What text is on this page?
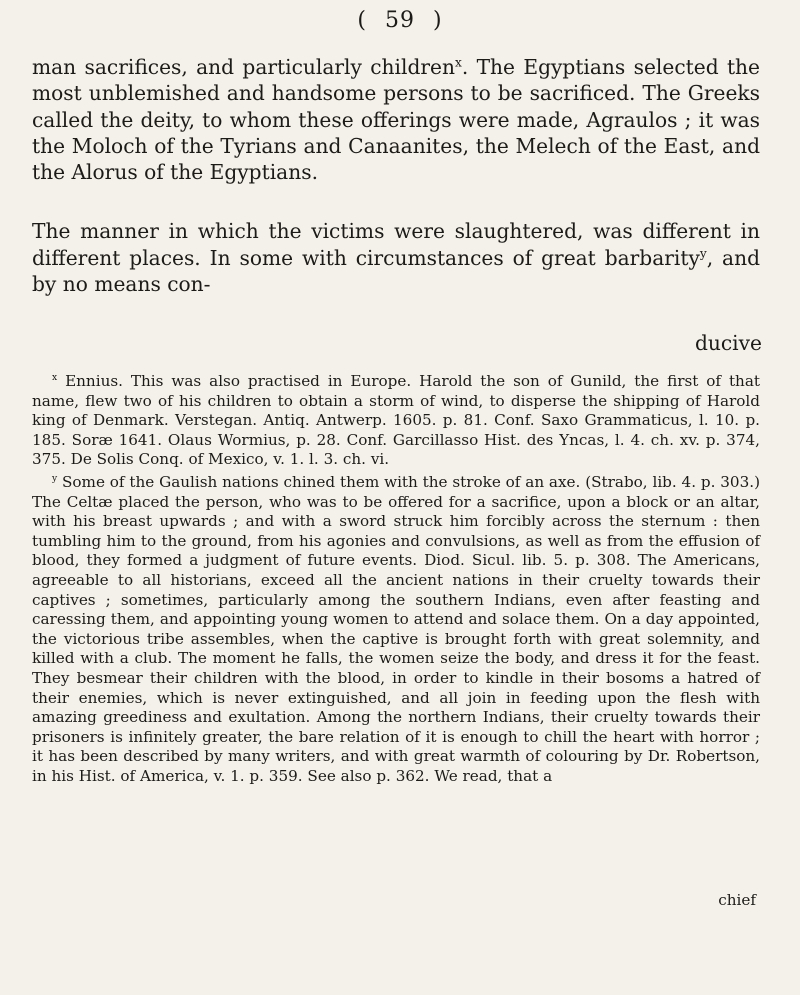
( 59 )

man sacrifices, and particularly children$^x$. The Egyptians selected the most unblemished and handsome persons to be sacrificed. The Greeks called the deity, to whom these offerings were made, Agraulos ; it was the Moloch of the Tyrians and Canaanites, the Melech of the East, and the Alorus of the Egyptians.

The manner in which the victims were slaughtered, was different in different places. In some with circumstances of great barbarity$^y$, and by no means con-

ducive

$^x$ Ennius. This was also practised in Europe. Harold the son of Gunild, the first of that name, flew two of his children to obtain a storm of wind, to disperse the shipping of Harold king of Denmark. Verstegan. Antiq. Antwerp. 1605. p. 81. Conf. Saxo Grammaticus, l. 10. p. 185. Soræ 1641. Olaus Wormius, p. 28. Conf. Garcillasso Hist. des Yncas, l. 4. ch. xv. p. 374, 375. De Solis Conq. of Mexico, v. 1. l. 3. ch. vi.

$^y$ Some of the Gaulish nations chined them with the stroke of an axe. (Strabo, lib. 4. p. 303.) The Celtæ placed the person, who was to be offered for a sacrifice, upon a block or an altar, with his breast upwards ; and with a sword struck him forcibly across the sternum : then tumbling him to the ground, from his agonies and convulsions, as well as from the effusion of blood, they formed a judgment of future events. Diod. Sicul. lib. 5. p. 308. The Americans, agreeable to all historians, exceed all the ancient nations in their cruelty towards their captives ; sometimes, particularly among the southern Indians, even after feasting and caressing them, and appointing young women to attend and solace them. On a day appointed, the victorious tribe assembles, when the captive is brought forth with great solemnity, and killed with a club. The moment he falls, the women seize the body, and dress it for the feast. They besmear their children with the blood, in order to kindle in their bosoms a hatred of their enemies, which is never extinguished, and all join in feeding upon the flesh with amazing greediness and exultation. Among the northern Indians, their cruelty towards their prisoners is infinitely greater, the bare relation of it is enough to chill the heart with horror ; it has been described by many writers, and with great warmth of colouring by Dr. Robertson, in his Hist. of America, v. 1. p. 359. See also p. 362. We read, that a

chief
